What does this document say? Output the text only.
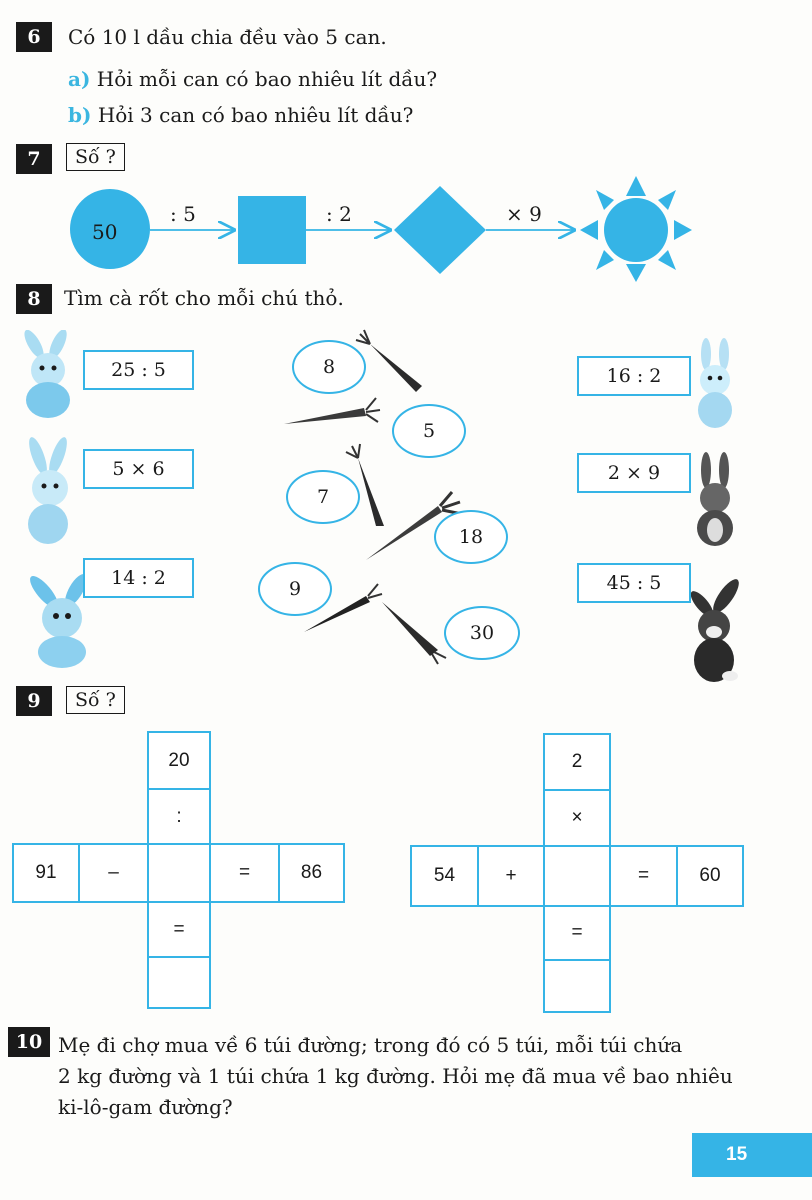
6	Có 10 l dầu chia đều vào 5 can.
a) Hỏi mỗi can có bao nhiêu lít dầu?
b) Hỏi 3 can có bao nhiêu lít dầu?
7	Số ?
50
: 5	: 2	× 9
8	Tìm cà rốt cho mỗi chú thỏ.
25 : 5
5 × 6
14 : 2
16 : 2
2 × 9
45 : 5
8
5
7
18
9
30
9	Số ?
20
:
91	–	=	86
=
2
×
54	+	=	60
=
10 Mẹ đi chợ mua về 6 túi đường; trong đó có 5 túi, mỗi túi chứa
2 kg đường và 1 túi chứa 1 kg đường. Hỏi mẹ đã mua về bao nhiêu
ki-lô-gam đường?
15
